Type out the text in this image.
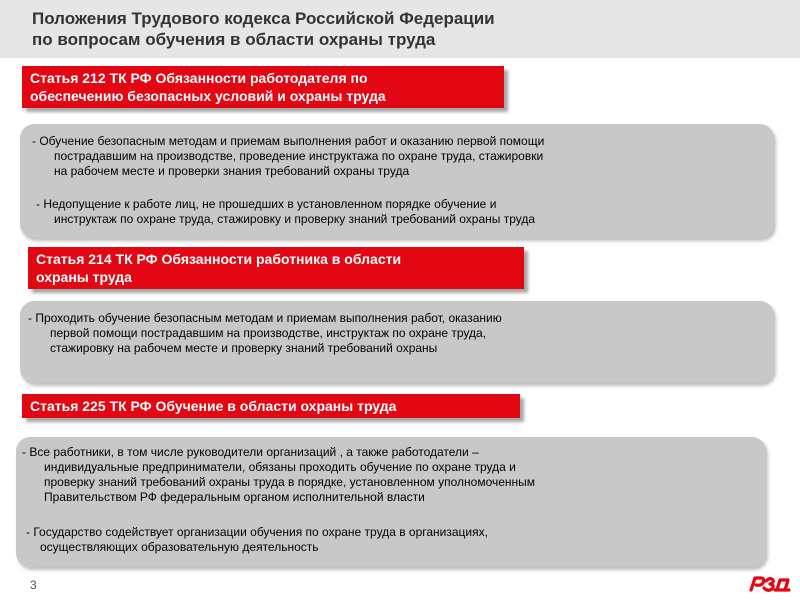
Положения Трудового кодекса Российской Федерации
по вопросам обучения в области охраны труда
Статья 212 ТК РФ Обязанности работодателя по
обеспечению безопасных условий и охраны труда
- Обучение безопасным методам и приемам выполнения работ и оказанию первой помощи
пострадавшим на производстве, проведение инструктажа по охране труда, стажировки
на рабочем месте и проверки знания требований охраны труда
- Недопущение к работе лиц, не прошедших в установленном порядке обучение и
инструктаж по охране труда, стажировку и проверку знаний требований охраны труда
Статья 214 ТК РФ Обязанности работника в области
охраны труда
- Проходить обучение безопасным методам и приемам выполнения работ, оказанию
первой помощи пострадавшим на производстве, инструктаж по охране труда,
стажировку на рабочем месте и проверку знаний требований охраны
Статья 225 ТК РФ Обучение в области охраны труда
- Все работники, в том числе руководители организаций , а также работодатели –
индивидуальные предприниматели, обязаны проходить обучение по охране труда и
проверку знаний требований охраны труда в порядке, установленном уполномоченным
Правительством РФ федеральным органом исполнительной власти
- Государство содействует организации обучения по охране труда в организациях,
осуществляющих образовательную деятельность
3
